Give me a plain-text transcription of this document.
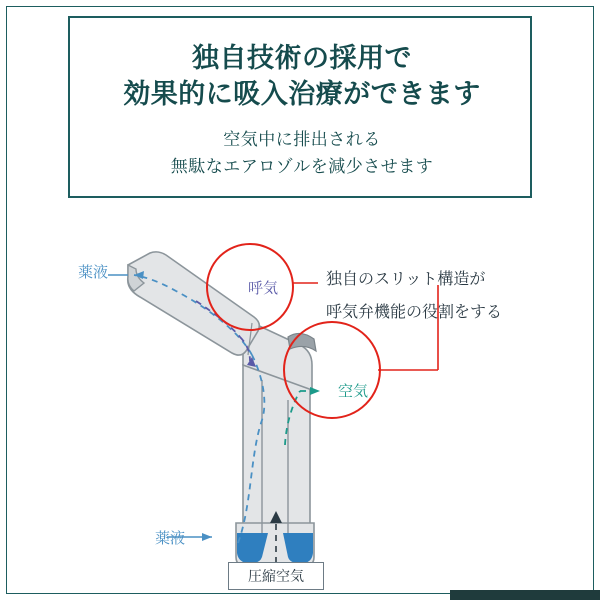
独自技術の採用で
効果的に吸入治療ができます
空気中に排出される
無駄なエアロゾルを減少させます
薬液
呼気
空気
薬液
独自のスリット構造が
呼気弁機能の役割をする
圧縮空気
